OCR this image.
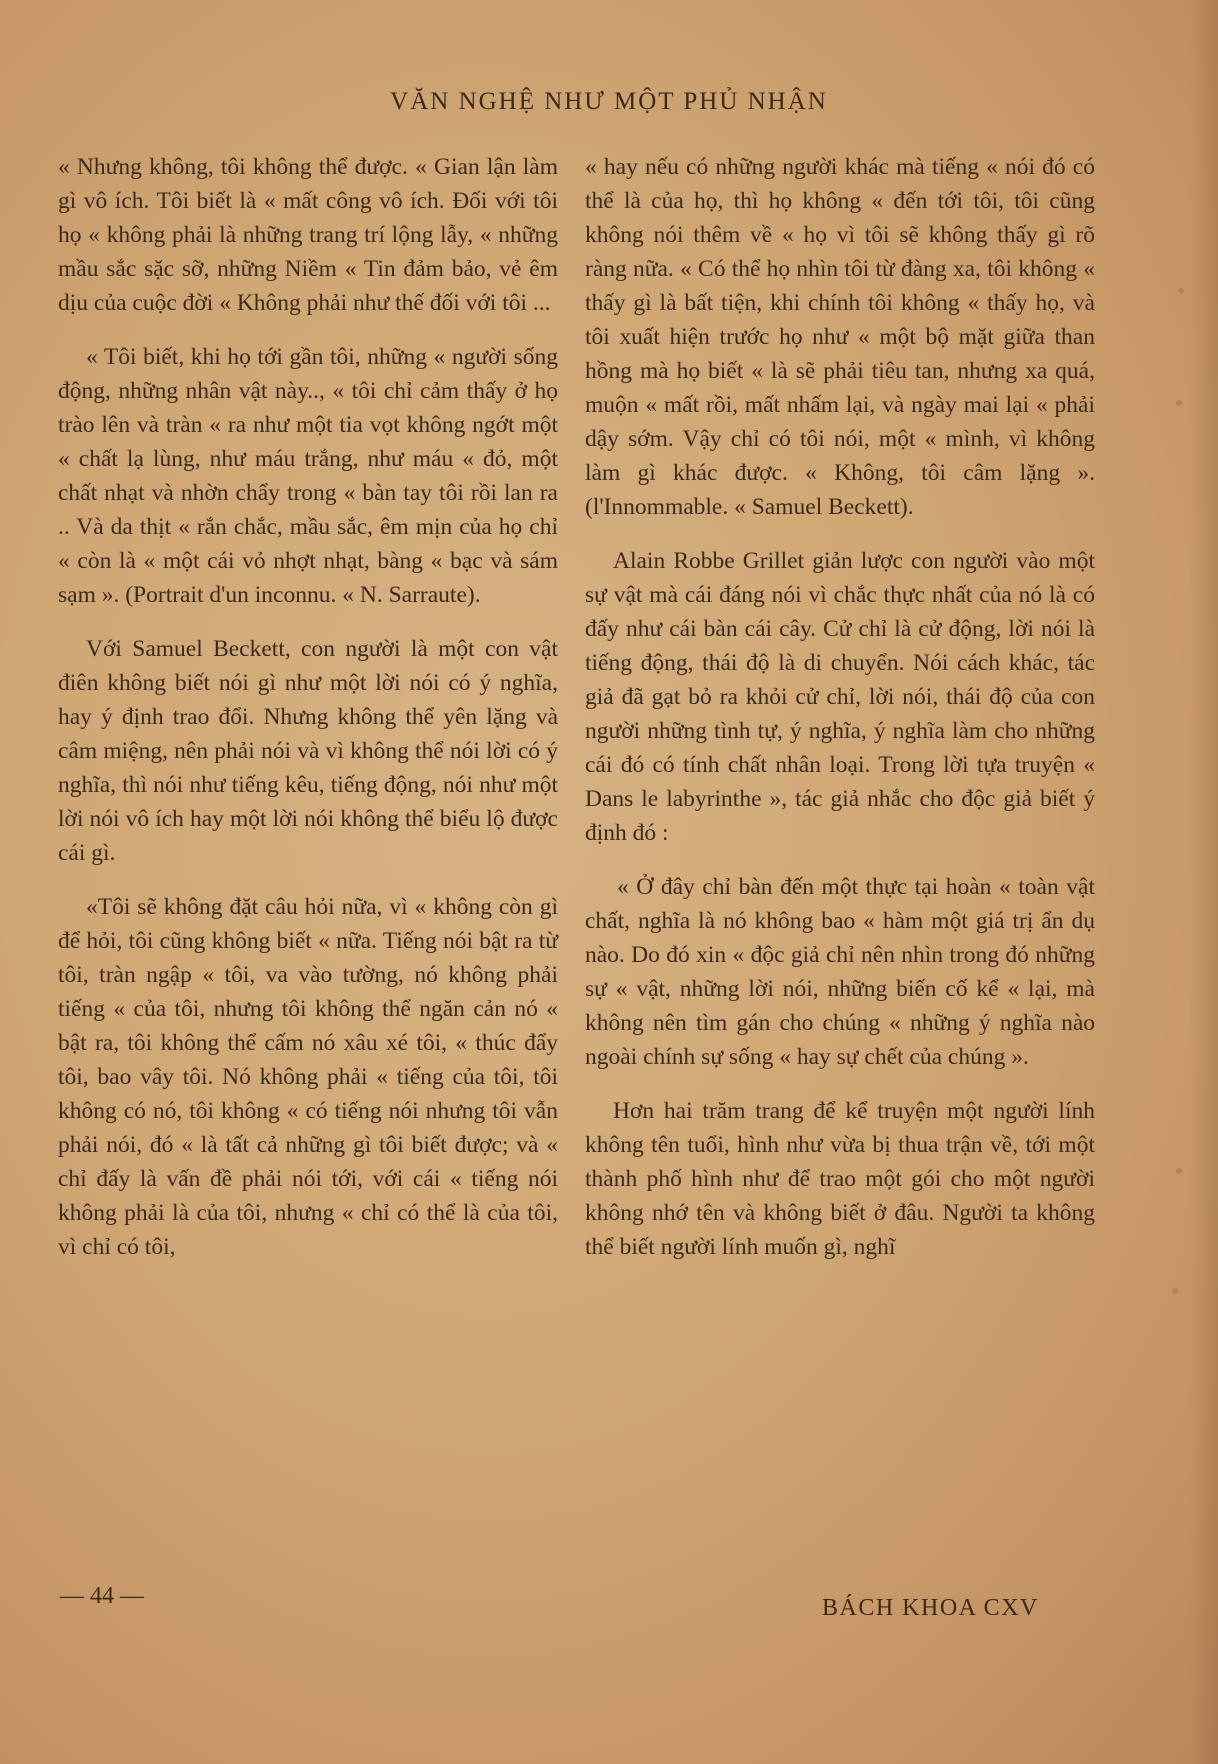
VĂN NGHỆ NHƯ MỘT PHỦ NHẬN

« Nhưng không, tôi không thể được. « Gian lận làm gì vô ích. Tôi biết là « mất công vô ích. Đối với tôi họ « không phải là những trang trí lộng lẫy, « những mầu sắc sặc sỡ, những Niềm « Tin đảm bảo, vẻ êm dịu của cuộc đời « Không phải như thế đối với tôi ...

« Tôi biết, khi họ tới gần tôi, những « người sống động, những nhân vật này.., « tôi chỉ cảm thấy ở họ trào lên và tràn « ra như một tia vọt không ngớt một « chất lạ lùng, như máu trắng, như máu « đỏ, một chất nhạt và nhờn chẩy trong « bàn tay tôi rồi lan ra .. Và da thịt « rắn chắc, mầu sắc, êm mịn của họ chỉ « còn là « một cái vỏ nhợt nhạt, bàng « bạc và sám sạm ». (Portrait d'un inconnu. « N. Sarraute).

Với Samuel Beckett, con người là một con vật điên không biết nói gì như một lời nói có ý nghĩa, hay ý định trao đổi. Nhưng không thể yên lặng và câm miệng, nên phải nói và vì không thể nói lời có ý nghĩa, thì nói như tiếng kêu, tiếng động, nói như một lời nói vô ích hay một lời nói không thể biểu lộ được cái gì.

«Tôi sẽ không đặt câu hỏi nữa, vì « không còn gì để hỏi, tôi cũng không biết « nữa. Tiếng nói bật ra từ tôi, tràn ngập « tôi, va vào tường, nó không phải tiếng « của tôi, nhưng tôi không thể ngăn cản nó « bật ra, tôi không thể cấm nó xâu xé tôi, « thúc đẩy tôi, bao vây tôi. Nó không phải « tiếng của tôi, tôi không có nó, tôi không « có tiếng nói nhưng tôi vẫn phải nói, đó « là tất cả những gì tôi biết được; và « chỉ đấy là vấn đề phải nói tới, với cái « tiếng nói không phải là của tôi, nhưng « chỉ có thể là của tôi, vì chỉ có tôi,

« hay nếu có những người khác mà tiếng « nói đó có thể là của họ, thì họ không « đến tới tôi, tôi cũng không nói thêm về « họ vì tôi sẽ không thấy gì rõ ràng nữa. « Có thể họ nhìn tôi từ đàng xa, tôi không « thấy gì là bất tiện, khi chính tôi không « thấy họ, và tôi xuất hiện trước họ như « một bộ mặt giữa than hồng mà họ biết « là sẽ phải tiêu tan, nhưng xa quá, muộn « mất rồi, mất nhấm lại, và ngày mai lại « phải dậy sớm. Vậy chỉ có tôi nói, một « mình, vì không làm gì khác được. « Không, tôi câm lặng ». (l'Innommable. « Samuel Beckett).

Alain Robbe Grillet giản lược con người vào một sự vật mà cái đáng nói vì chắc thực nhất của nó là có đấy như cái bàn cái cây. Cử chỉ là cử động, lời nói là tiếng động, thái độ là di chuyển. Nói cách khác, tác giả đã gạt bỏ ra khỏi cử chỉ, lời nói, thái độ của con người những tình tự, ý nghĩa, ý nghĩa làm cho những cái đó có tính chất nhân loại. Trong lời tựa truyện « Dans le labyrinthe », tác giả nhắc cho độc giả biết ý định đó :

« Ở đây chỉ bàn đến một thực tại hoàn « toàn vật chất, nghĩa là nó không bao « hàm một giá trị ẩn dụ nào. Do đó xin « độc giả chỉ nên nhìn trong đó những sự « vật, những lời nói, những biến cố kể « lại, mà không nên tìm gán cho chúng « những ý nghĩa nào ngoài chính sự sống « hay sự chết của chúng ».

Hơn hai trăm trang để kể truyện một người lính không tên tuổi, hình như vừa bị thua trận về, tới một thành phố hình như để trao một gói cho một người không nhớ tên và không biết ở đâu. Người ta không thể biết người lính muốn gì, nghĩ

— 44 —	BÁCH KHOA CXV
